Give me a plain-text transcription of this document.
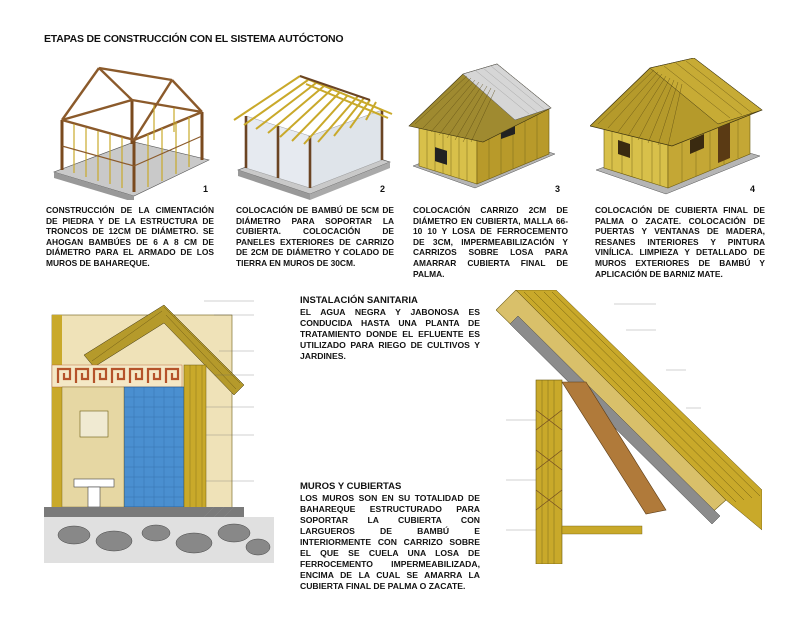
ETAPAS DE CONSTRUCCIÓN CON EL SISTEMA AUTÓCTONO
1	2	3	4
CONSTRUCCIÓN DE LA CIMENTACIÓN DE PIEDRA Y DE LA ESTRUCTURA DE TRONCOS DE 12CM DE DIÁMETRO. SE AHOGAN BAMBÚES DE 6 A 8 CM DE DIÁMETRO PARA EL ARMADO DE LOS MUROS DE BAHAREQUE.
COLOCACIÓN DE BAMBÚ DE 5CM DE DIÁMETRO PARA SOPORTAR LA CUBIERTA. COLOCACIÓN DE PANELES EXTERIORES DE CARRIZO DE 2CM DE DIÁMETRO Y COLADO DE TIERRA EN MUROS DE 30CM.
COLOCACIÓN CARRIZO 2CM DE DIÁMETRO EN CUBIERTA, MALLA 66-10 10 Y LOSA DE FERROCEMENTO DE 3CM, IMPERMEABILIZACIÓN Y CARRIZOS SOBRE LOSA PARA AMARRAR CUBIERTA FINAL DE PALMA.
COLOCACIÓN DE CUBIERTA FINAL DE PALMA O ZACATE. COLOCACIÓN DE PUERTAS Y VENTANAS DE MADERA, RESANES INTERIORES Y PINTURA VINÍLICA. LIMPIEZA Y DETALLADO DE MUROS EXTERIORES DE BAMBÚ Y APLICACIÓN DE BARNIZ MATE.
INSTALACIÓN SANITARIA
EL AGUA NEGRA Y JABONOSA ES CONDUCIDA HASTA UNA PLANTA DE TRATAMIENTO DONDE EL EFLUENTE ES UTILIZADO PARA RIEGO DE CULTIVOS Y JARDINES.
MUROS Y CUBIERTAS
LOS MUROS SON EN SU TOTALIDAD DE BAHAREQUE ESTRUCTURADO PARA SOPORTAR LA CUBIERTA CON LARGUEROS DE BAMBÚ E INTERIORMENTE CON CARRIZO SOBRE EL QUE SE CUELA UNA LOSA DE FERROCEMENTO IMPERMEABILIZADA, ENCIMA DE LA CUAL SE AMARRA LA CUBIERTA FINAL DE PALMA O ZACATE.
